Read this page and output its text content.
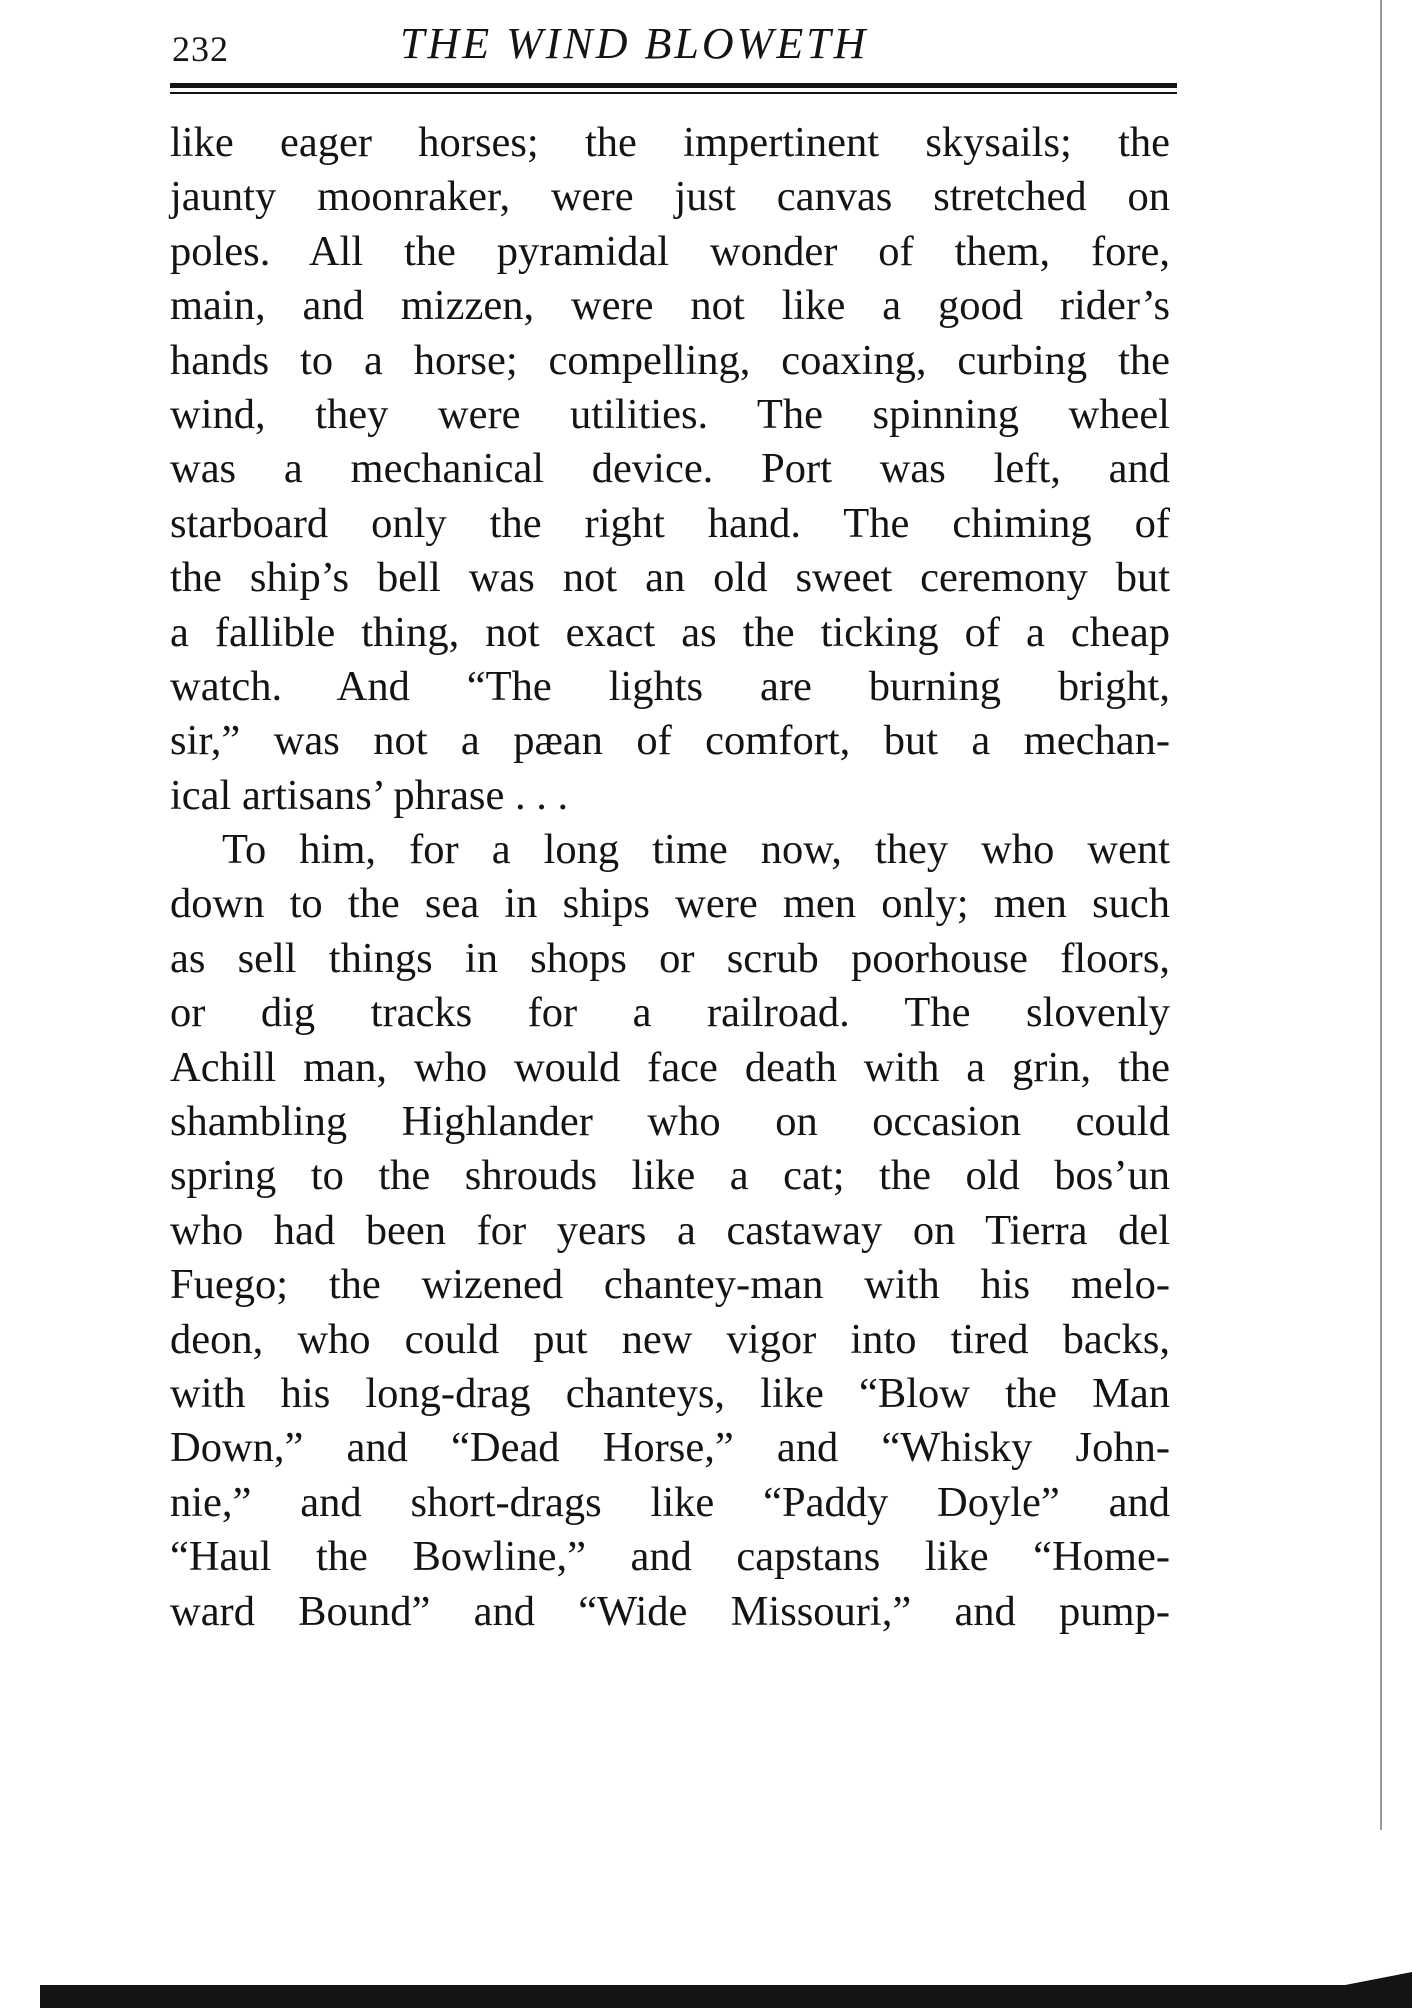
232	THE WIND BLOWETH
like eager horses; the impertinent skysails; the
jaunty moonraker, were just canvas stretched on
poles. All the pyramidal wonder of them, fore,
main, and mizzen, were not like a good rider’s
hands to a horse; compelling, coaxing, curbing the
wind, they were utilities. The spinning wheel
was a mechanical device. Port was left, and
starboard only the right hand. The chiming of
the ship’s bell was not an old sweet ceremony but
a fallible thing, not exact as the ticking of a cheap
watch. And “The lights are burning bright,
sir,” was not a pæan of comfort, but a mechan-
ical artisans’ phrase . . .
To him, for a long time now, they who went
down to the sea in ships were men only; men such
as sell things in shops or scrub poorhouse floors,
or dig tracks for a railroad. The slovenly
Achill man, who would face death with a grin, the
shambling Highlander who on occasion could
spring to the shrouds like a cat; the old bos’un
who had been for years a castaway on Tierra del
Fuego; the wizened chantey-man with his melo-
deon, who could put new vigor into tired backs,
with his long-drag chanteys, like “Blow the Man
Down,” and “Dead Horse,” and “Whisky John-
nie,” and short-drags like “Paddy Doyle” and
“Haul the Bowline,” and capstans like “Home-
ward Bound” and “Wide Missouri,” and pump-
